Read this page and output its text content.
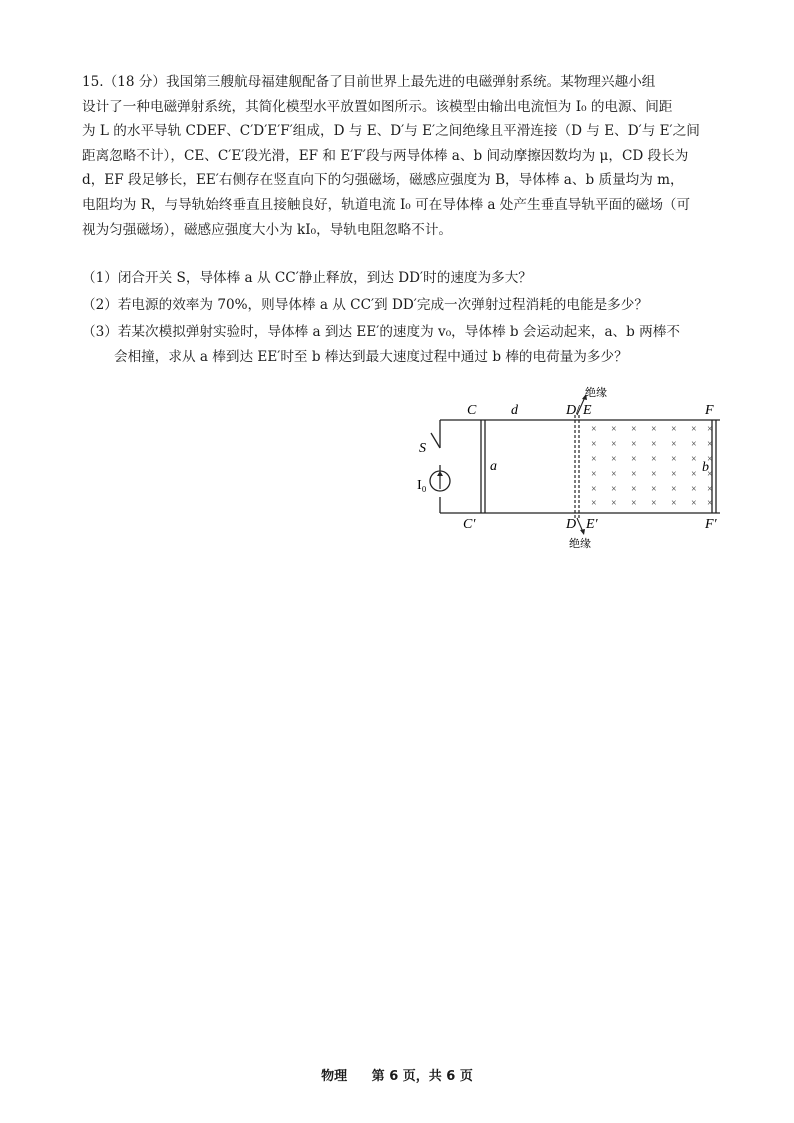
15.（18 分）我国第三艘航母福建舰配备了目前世界上最先进的电磁弹射系统。某物理兴趣小组

设计了一种电磁弹射系统，其简化模型水平放置如图所示。该模型由输出电流恒为 I₀ 的电源、间距

为 L 的水平导轨 CDEF、C′D′E′F′组成，D 与 E、D′与 E′之间绝缘且平滑连接（D 与 E、D′与 E′之间

距离忽略不计），CE、C′E′段光滑，EF 和 E′F′段与两导体棒 a、b 间动摩擦因数均为 μ，CD 段长为

d，EF 段足够长，EE′右侧存在竖直向下的匀强磁场，磁感应强度为 B，导体棒 a、b 质量均为 m，

电阻均为 R，与导轨始终垂直且接触良好，轨道电流 I₀ 可在导体棒 a 处产生垂直导轨平面的磁场（可

视为匀强磁场），磁感应强度大小为 kI₀，导轨电阻忽略不计。

（1）闭合开关 S，导体棒 a 从 CC′静止释放，到达 DD′时的速度为多大？

（2）若电源的效率为 70%，则导体棒 a 从 CC′到 DD′完成一次弹射过程消耗的电能是多少？

（3）若某次模拟弹射实验时，导体棒 a 到达 EE′的速度为 v₀，导体棒 b 会运动起来，a、b 两棒不

会相撞，求从 a 棒到达 EE′时至 b 棒达到最大速度过程中通过 b 棒的电荷量为多少？

×
×
×
×
×
×
×
×
×
×
×
×
×
×
×
×
×
×
×
×
×
×
×
×
×
×
×
×
×
×
×
×
×
×
×
×
×
×
×
×
×
×
C d	D / E	F
C′	D E′	F′
S
I₀
a	b
绝缘
绝缘
物理 第 6 页，共 6 页
